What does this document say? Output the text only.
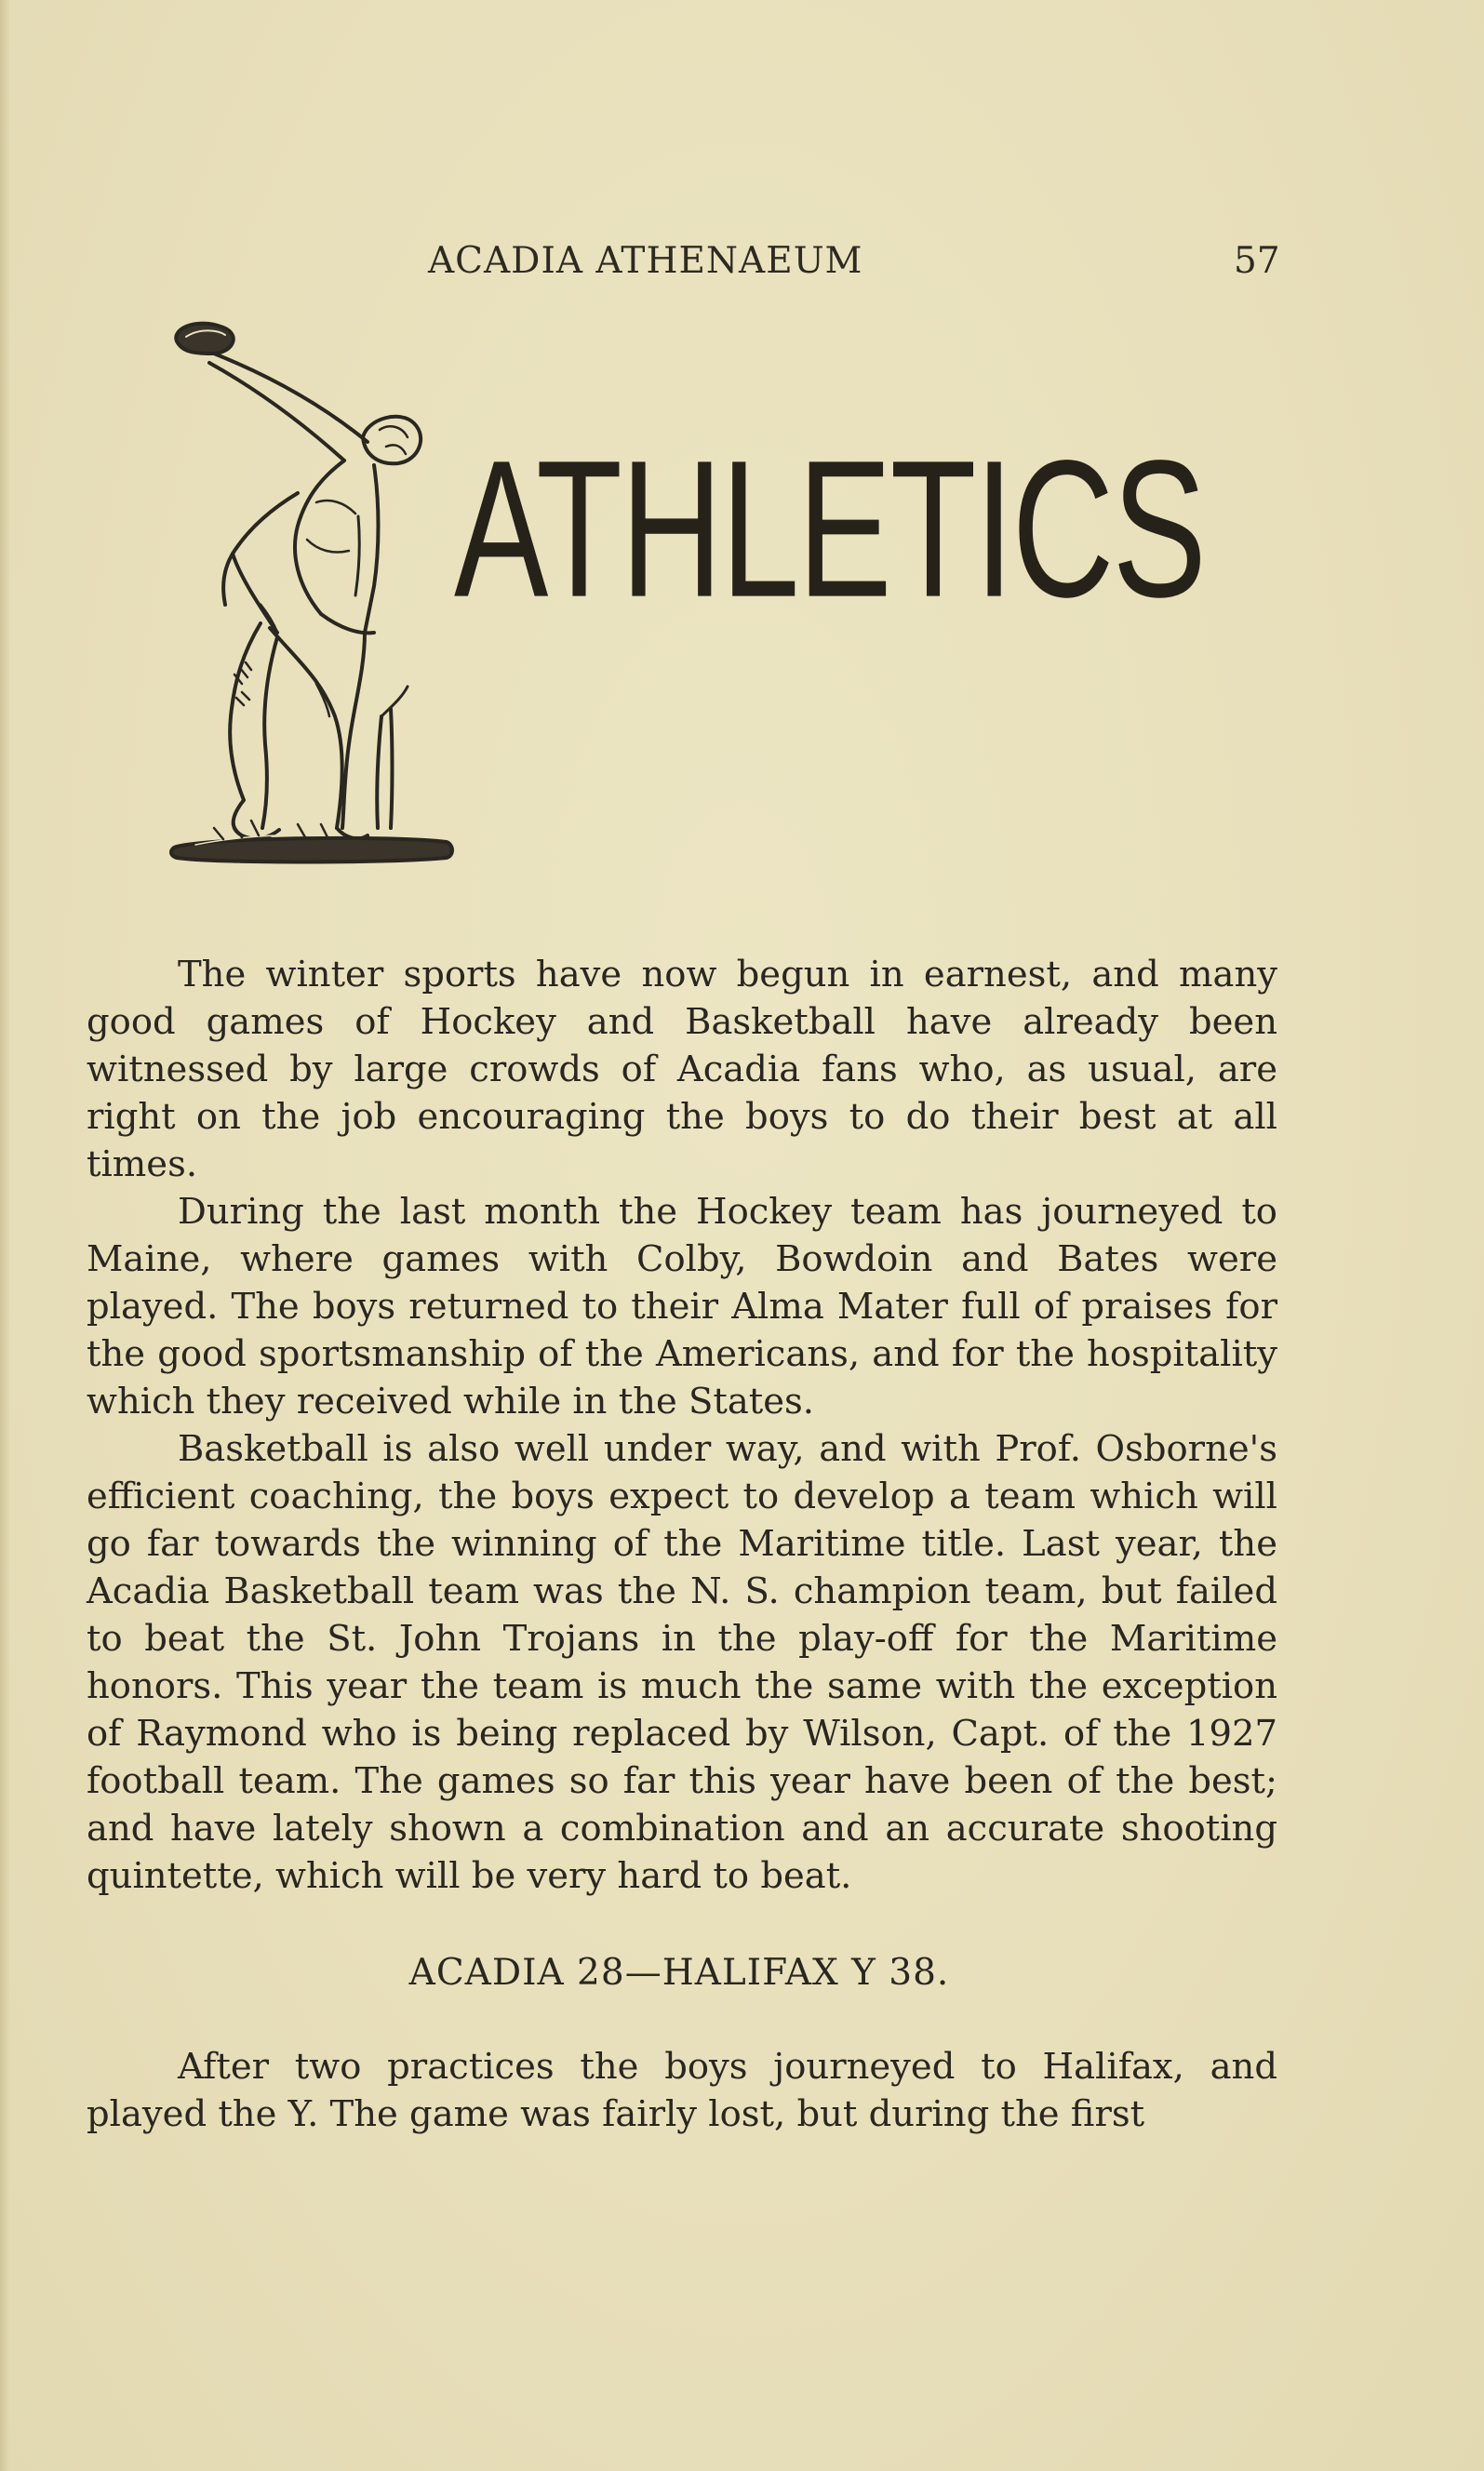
ACADIA ATHENAEUM	57
ATHLETICS

The winter sports have now begun in earnest, and many good games of Hockey and Basketball have already been witnessed by large crowds of Acadia fans who, as usual, are right on the job encouraging the boys to do their best at all times.

During the last month the Hockey team has journeyed to Maine, where games with Colby, Bowdoin and Bates were played. The boys returned to their Alma Mater full of praises for the good sportsmanship of the Americans, and for the hospitality which they received while in the States.

Basketball is also well under way, and with Prof. Osborne's efficient coaching, the boys expect to develop a team which will go far towards the winning of the Maritime title. Last year, the Acadia Basketball team was the N. S. champion team, but failed to beat the St. John Trojans in the play-off for the Maritime honors. This year the team is much the same with the exception of Raymond who is being replaced by Wilson, Capt. of the 1927 football team. The games so far this year have been of the best; and have lately shown a combination and an accurate shooting quintette, which will be very hard to beat.

ACADIA 28—HALIFAX Y 38.

After two practices the boys journeyed to Halifax, and played the Y. The game was fairly lost, but during the first
